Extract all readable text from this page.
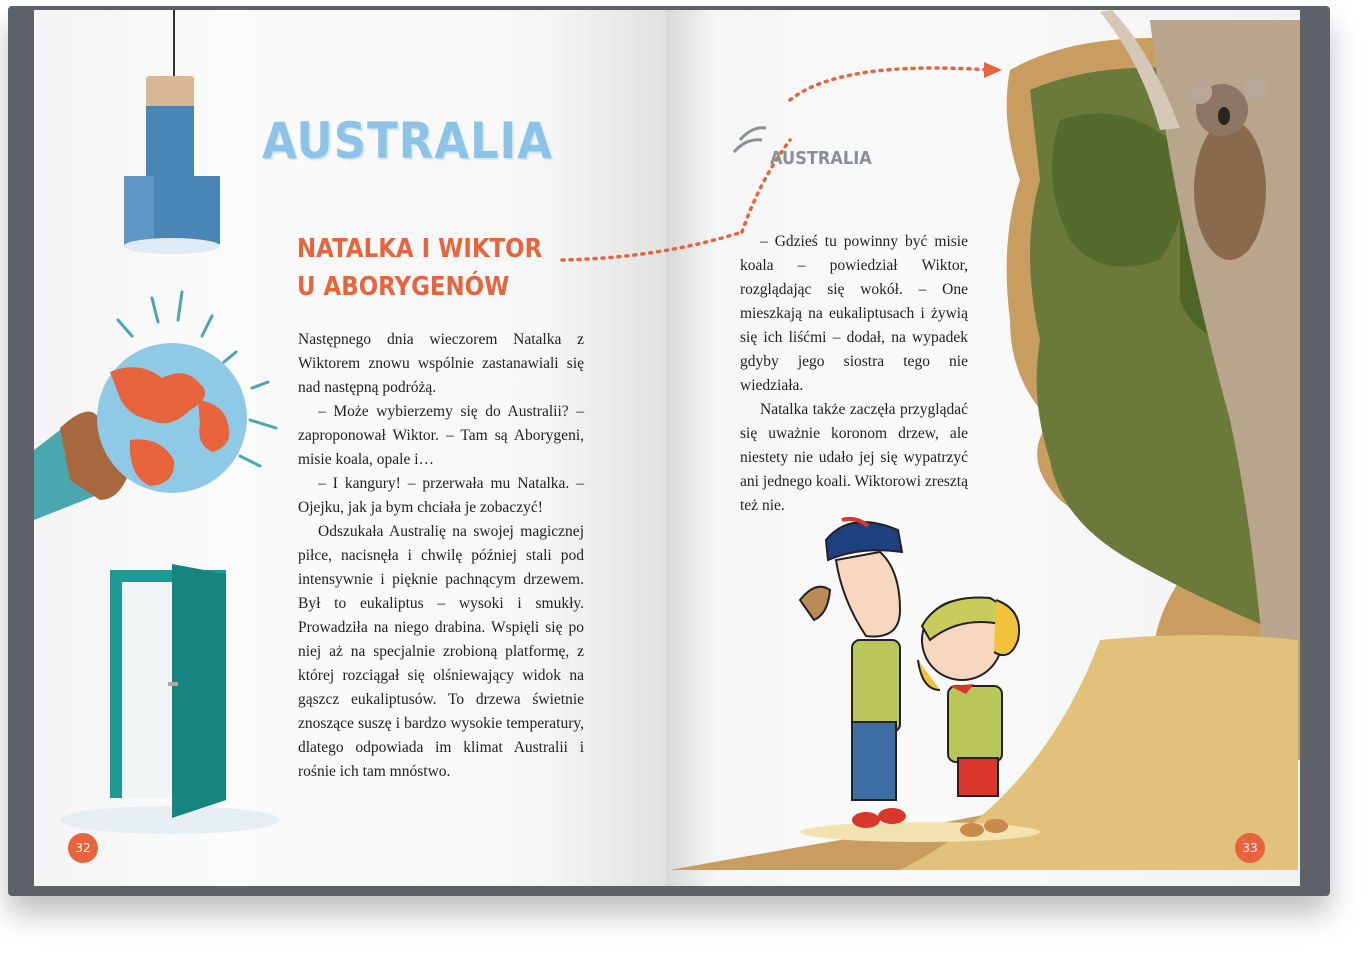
AUSTRALIA
NATALKA I WIKTOR
U ABORYGENÓW

Następnego dnia wieczorem Natalka z Wiktorem znowu wspólnie zastanawiali się nad następną podróżą.

– Może wybierzemy się do Australii? – zaproponował Wiktor. – Tam są Aborygeni, misie koala, opale i…

– I kangury! – przerwała mu Natalka. – Ojejku, jak ja bym chciała je zobaczyć!

Odszukała Australię na swojej magicznej piłce, nacisnęła i chwilę później stali pod intensywnie i pięknie pachnącym drzewem. Był to eukaliptus – wysoki i smukły. Prowadziła na niego drabina. Wspięli się po niej aż na specjalnie zrobioną platformę, z której rozciągał się olśniewający widok na gąszcz eukaliptusów. To drzewa świetnie znoszące suszę i bardzo wysokie temperatury, dlatego odpowiada im klimat Australii i rośnie ich tam mnóstwo.

32
AUSTRALIA

– Gdzieś tu powinny być misie koala – powiedział Wiktor, rozglądając się wokół. – One mieszkają na eukaliptusach i żywią się ich liśćmi – dodał, na wypadek gdyby jego siostra tego nie wiedziała.

Natalka także zaczęła przyglądać się uważnie koronom drzew, ale niestety nie udało jej się wypatrzyć ani jednego koali. Wiktorowi zresztą też nie.

33
